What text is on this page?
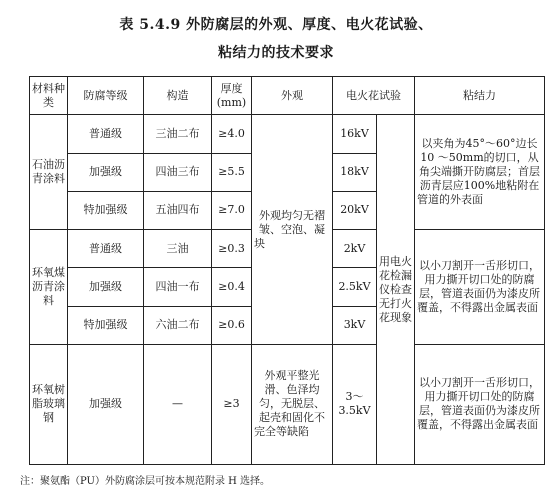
表 5.4.9 外防腐层的外观、厚度、电火花试验、
粘结力的技术要求
材料种类	防腐等级	构造	厚度(mm)	外观	电火花试验		粘结力
石油沥青涂料	普通级	三油二布	≥4.0	外观均匀无褶皱、空泡、凝块	16kV	用电火花检漏仪检查无打火花现象	以夹角为45°～60°边长 10 ～50mm的切口，从角尖端撕开防腐层；首层沥青层应100%地粘附在管道的外表面
	加强级	四油三布	≥5.5		18kV		
	特加强级	五油四布	≥7.0		20kV		
环氧煤沥青涂料	普通级	三油	≥0.3		2kV		以小刀割开一舌形切口，用力撕开切口处的防腐层，管道表面仍为漆皮所覆盖，不得露出金属表面
	加强级	四油一布	≥0.4		2.5kV		
	特加强级	六油二布	≥0.6		3kV		
环氧树脂玻璃钢	加强级	—	≥3	外观平整光滑、色泽均匀，无脱层、起壳和固化不完全等缺陷	3～3.5kV		以小刀割开一舌形切口，用力撕开切口处的防腐层，管道表面仍为漆皮所覆盖，不得露出金属表面
注：聚氨酯（PU）外防腐涂层可按本规范附录 H 选择。
